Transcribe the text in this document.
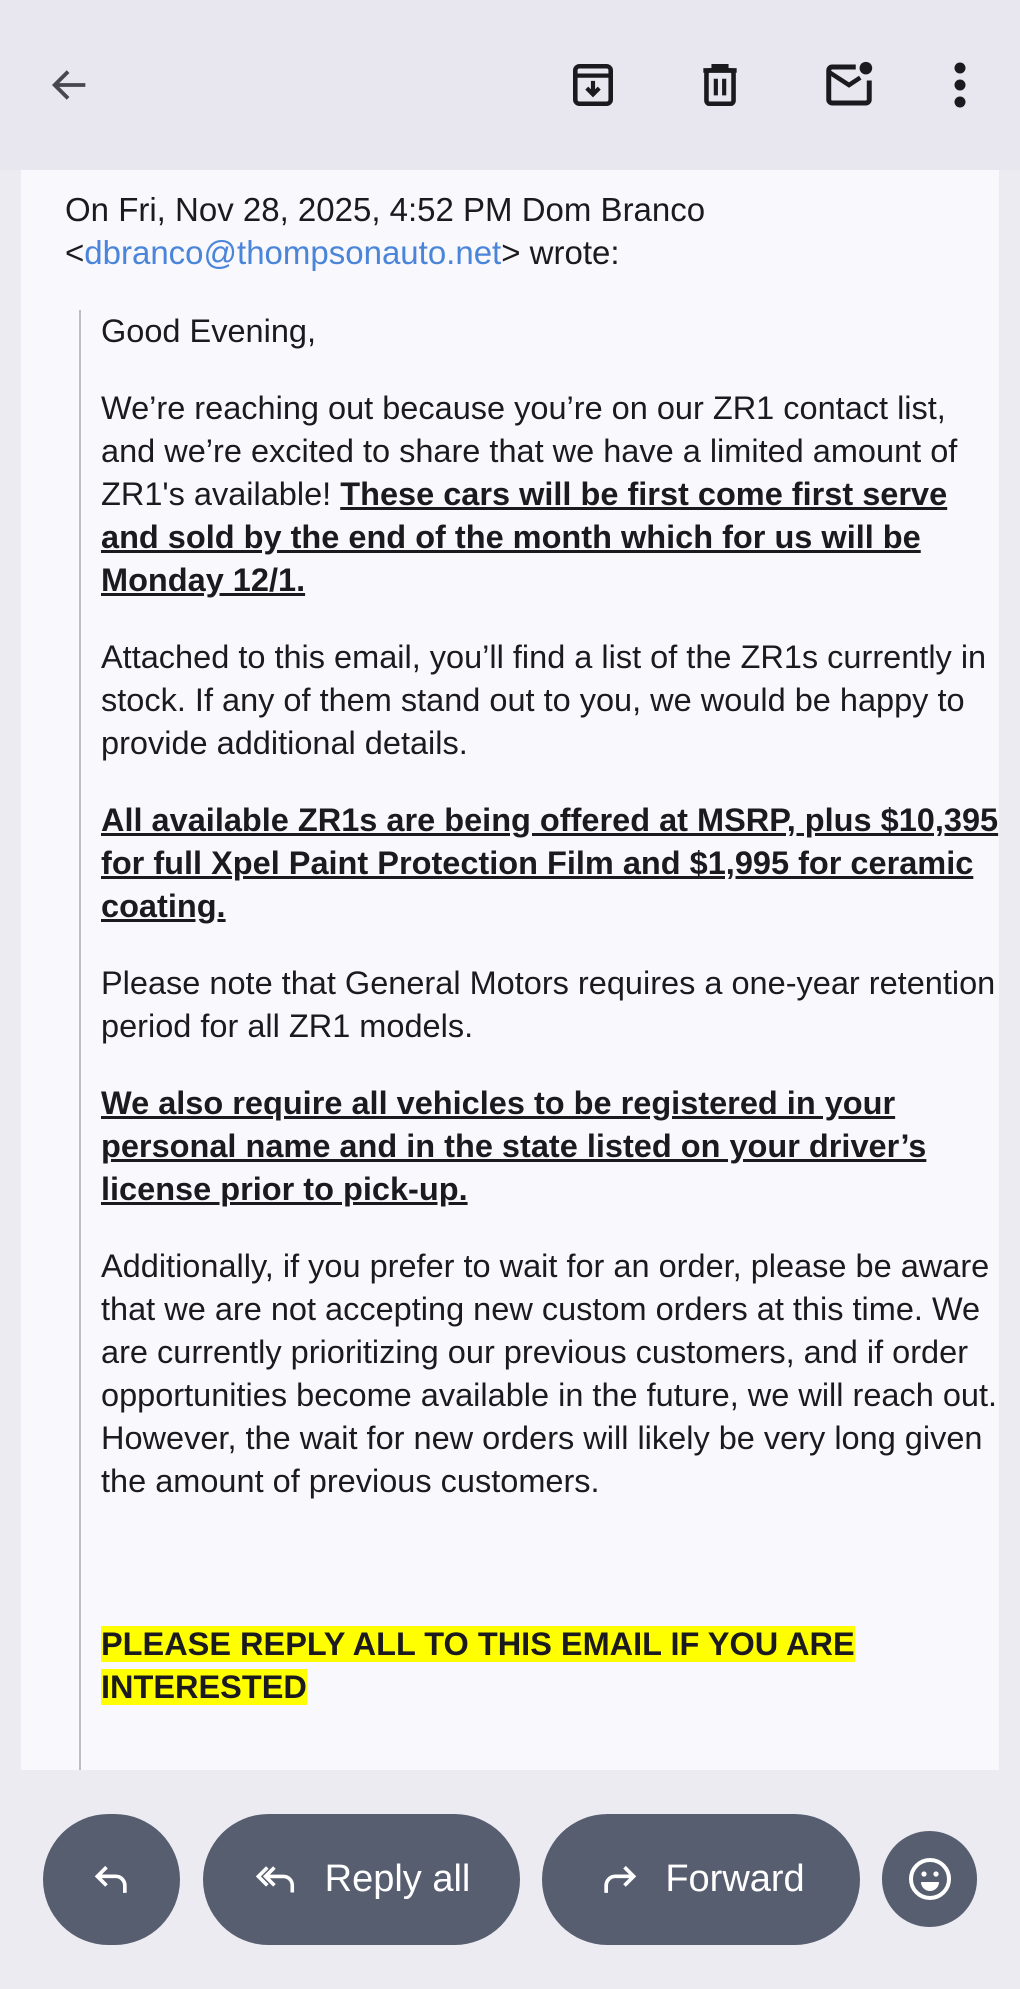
On Fri, Nov 28, 2025, 4:52 PM Dom Branco
<dbranco@thompsonauto.net> wrote:

Good Evening,

We’re reaching out because you’re on our ZR1 contact list, and we’re excited to share that we have a limited amount of ZR1's available! These cars will be first come first serve and sold by the end of the month which for us will be Monday 12/1.

Attached to this email, you’ll find a list of the ZR1s currently in stock. If any of them stand out to you, we would be happy to provide additional details.

All available ZR1s are being offered at MSRP, plus $10,395 for full Xpel Paint Protection Film and $1,995 for ceramic coating.

Please note that General Motors requires a one-year retention period for all ZR1 models.

We also require all vehicles to be registered in your personal name and in the state listed on your driver’s license prior to pick-up.

Additionally, if you prefer to wait for an order, please be aware that we are not accepting new custom orders at this time. We are currently prioritizing our previous customers, and if order opportunities become available in the future, we will reach out. However, the wait for new orders will likely be very long given the amount of previous customers.

PLEASE REPLY ALL TO THIS EMAIL IF YOU ARE INTERESTED

Reply all	Forward
